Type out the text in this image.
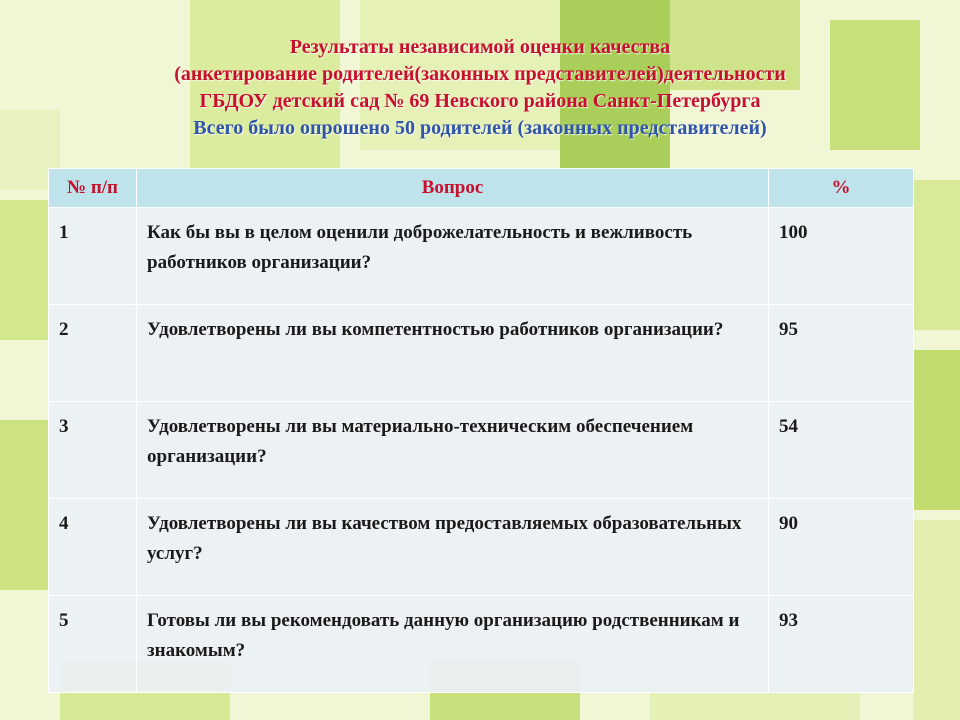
Результаты независимой оценки качества
(анкетирование родителей(законных представителей)деятельности
ГБДОУ детский сад № 69 Невского района Санкт-Петербурга
Всего было опрошено 50 родителей (законных представителей)
№ п/п	Вопрос	%
1	Как бы вы в целом оценили доброжелательность и вежливость работников организации?	100
2	Удовлетворены ли вы компетентностью работников организации?	95
3	Удовлетворены ли вы материально-техническим обеспечением организации?	54
4	Удовлетворены ли вы качеством предоставляемых образовательных услуг?	90
5	Готовы ли вы рекомендовать данную организацию родственникам и знакомым?	93
